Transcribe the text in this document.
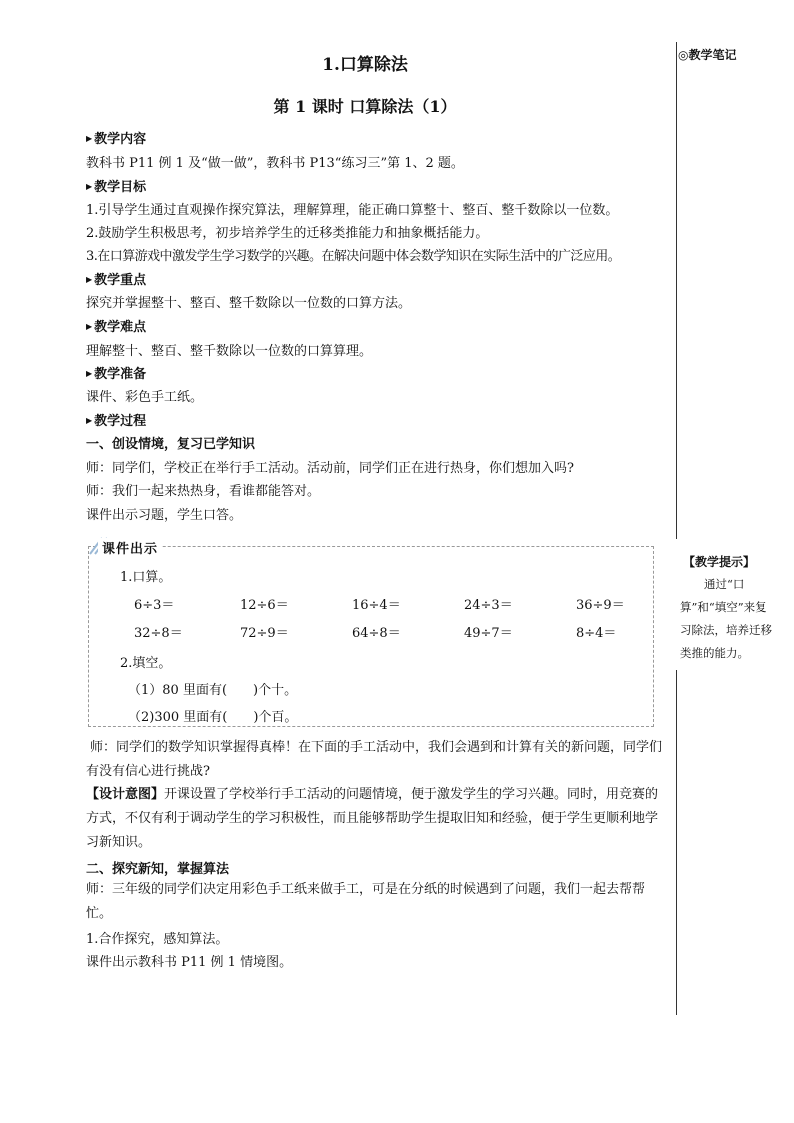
◎教学笔记
【教学提示】
通过“口算”和“填空”来复习除法，培养迁移类推的能力。
1.口算除法
第 1 课时 口算除法（1）
▶ 教学内容
教科书 P11 例 1 及“做一做”，教科书 P13“练习三”第 1、2 题。
▶ 教学目标
1.引导学生通过直观操作探究算法，理解算理，能正确口算整十、整百、整千数除以一位数。
2.鼓励学生积极思考，初步培养学生的迁移类推能力和抽象概括能力。
3.在口算游戏中激发学生学习数学的兴趣。在解决问题中体会数学知识在实际生活中的广泛应用。
▶ 教学重点
探究并掌握整十、整百、整千数除以一位数的口算方法。
▶ 教学难点
理解整十、整百、整千数除以一位数的口算算理。
▶ 教学准备
课件、彩色手工纸。
▶ 教学过程
一、创设情境，复习已学知识
师：同学们，学校正在举行手工活动。活动前，同学们正在进行热身，你们想加入吗?
师：我们一起来热热身，看谁都能答对。
课件出示习题，学生口答。
课件出示
1.口算。
6÷3＝	12÷6＝	16÷4＝	24÷3＝	36÷9＝
32÷8＝	72÷9＝	64÷8＝	49÷7＝	8÷4＝
2.填空。
（1）80 里面有(　　)个十。
（2)300 里面有(　　)个百。
师：同学们的数学知识掌握得真棒！在下面的手工活动中，我们会遇到和计算有关的新问题，同学们有没有信心进行挑战?
【设计意图】开课设置了学校举行手工活动的问题情境，便于激发学生的学习兴趣。同时，用竞赛的方式，不仅有利于调动学生的学习积极性，而且能够帮助学生提取旧知和经验，便于学生更顺利地学习新知识。
二、探究新知，掌握算法
师：三年级的同学们决定用彩色手工纸来做手工，可是在分纸的时候遇到了问题，我们一起去帮帮忙。
1.合作探究，感知算法。
课件出示教科书 P11 例 1 情境图。
